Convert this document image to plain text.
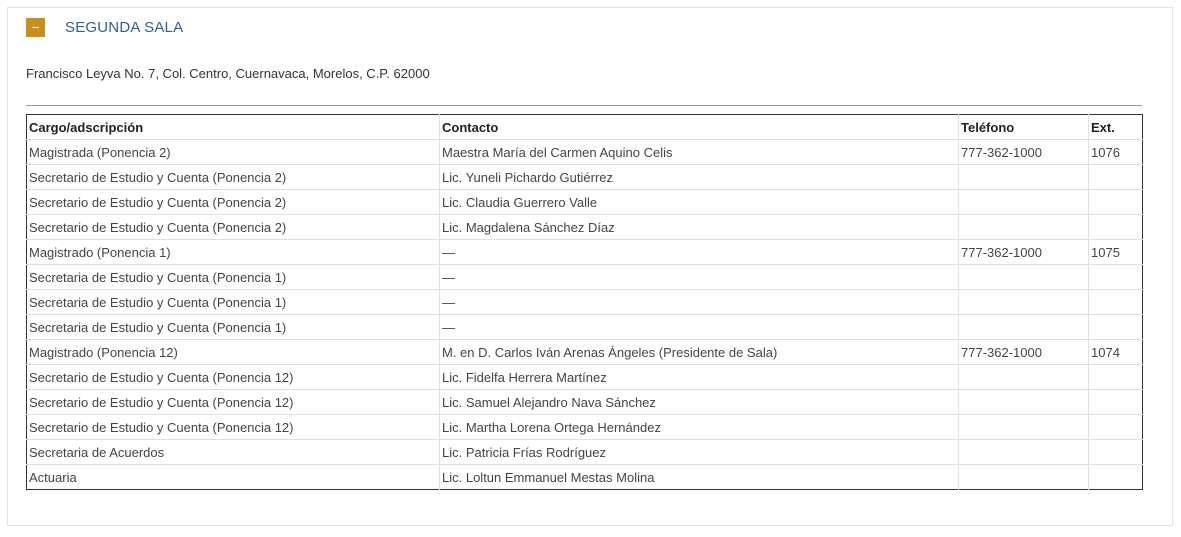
−	SEGUNDA SALA
Francisco Leyva No. 7, Col. Centro, Cuernavaca, Morelos, C.P. 62000
Cargo/adscripción	Contacto	Teléfono	Ext.
Magistrada (Ponencia 2)	Maestra María del Carmen Aquino Celis	777-362-1000	1076
Secretario de Estudio y Cuenta (Ponencia 2)	Lic. Yuneli Pichardo Gutiérrez		
Secretario de Estudio y Cuenta (Ponencia 2)	Lic. Claudia Guerrero Valle		
Secretario de Estudio y Cuenta (Ponencia 2)	Lic. Magdalena Sánchez Díaz		
Magistrado (Ponencia 1)	—	777-362-1000	1075
Secretaria de Estudio y Cuenta (Ponencia 1)	—		
Secretaria de Estudio y Cuenta (Ponencia 1)	—		
Secretaria de Estudio y Cuenta (Ponencia 1)	—		
Magistrado (Ponencia 12)	M. en D. Carlos Iván Arenas Ángeles (Presidente de Sala)	777-362-1000	1074
Secretario de Estudio y Cuenta (Ponencia 12)	Lic. Fidelfa Herrera Martínez		
Secretario de Estudio y Cuenta (Ponencia 12)	Lic. Samuel Alejandro Nava Sánchez		
Secretario de Estudio y Cuenta (Ponencia 12)	Lic. Martha Lorena Ortega Hernández		
Secretaria de Acuerdos	Lic. Patricia Frías Rodríguez		
Actuaria	Lic. Loltun Emmanuel Mestas Molina		
